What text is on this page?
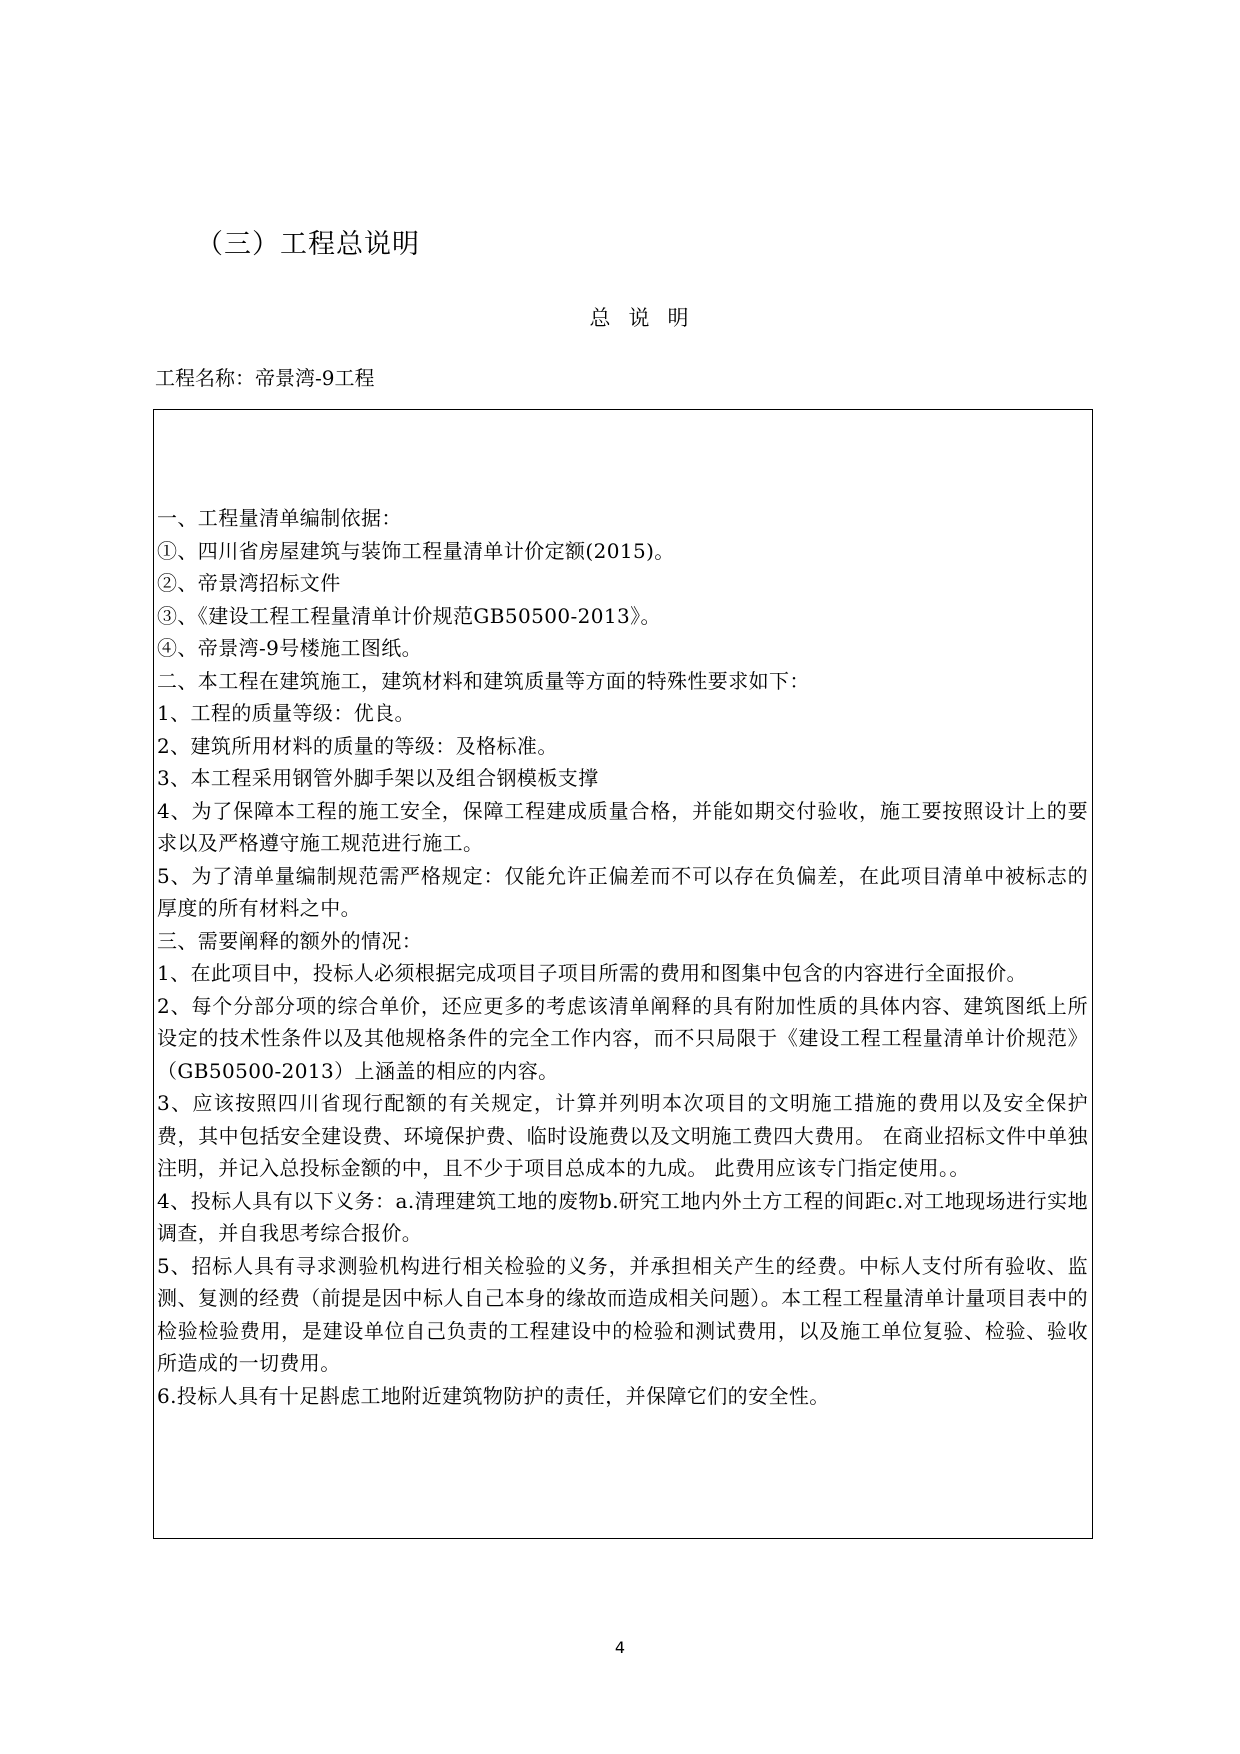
（三）工程总说明
总说明
工程名称：帝景湾-9工程

一、工程量清单编制依据：

①、四川省房屋建筑与装饰工程量清单计价定额(2015)。

②、帝景湾招标文件

③、《建设工程工程量清单计价规范GB50500-2013》。

④、帝景湾-9号楼施工图纸。

二、本工程在建筑施工，建筑材料和建筑质量等方面的特殊性要求如下：

1、工程的质量等级：优良。

2、建筑所用材料的质量的等级：及格标准。

3、本工程采用钢管外脚手架以及组合钢模板支撑

4、为了保障本工程的施工安全，保障工程建成质量合格，并能如期交付验收，施工要按照设计上的要求以及严格遵守施工规范进行施工。

5、为了清单量编制规范需严格规定：仅能允许正偏差而不可以存在负偏差，在此项目清单中被标志的厚度的所有材料之中。

三、需要阐释的额外的情况：

1、在此项目中，投标人必须根据完成项目子项目所需的费用和图集中包含的内容进行全面报价。

2、每个分部分项的综合单价，还应更多的考虑该清单阐释的具有附加性质的具体内容、建筑图纸上所设定的技术性条件以及其他规格条件的完全工作内容，而不只局限于《建设工程工程量清单计价规范》（GB50500-2013）上涵盖的相应的内容。

3、应该按照四川省现行配额的有关规定，计算并列明本次项目的文明施工措施的费用以及安全保护费，其中包括安全建设费、环境保护费、临时设施费以及文明施工费四大费用。 在商业招标文件中单独注明，并记入总投标金额的中，且不少于项目总成本的九成。 此费用应该专门指定使用。。

4、投标人具有以下义务：a.清理建筑工地的废物b.研究工地内外土方工程的间距c.对工地现场进行实地调查，并自我思考综合报价。

5、招标人具有寻求测验机构进行相关检验的义务，并承担相关产生的经费。中标人支付所有验收、监测、复测的经费（前提是因中标人自己本身的缘故而造成相关问题）。本工程工程量清单计量项目表中的检验检验费用，是建设单位自己负责的工程建设中的检验和测试费用，以及施工单位复验、检验、验收所造成的一切费用。

6.投标人具有十足斟虑工地附近建筑物防护的责任，并保障它们的安全性。

4
